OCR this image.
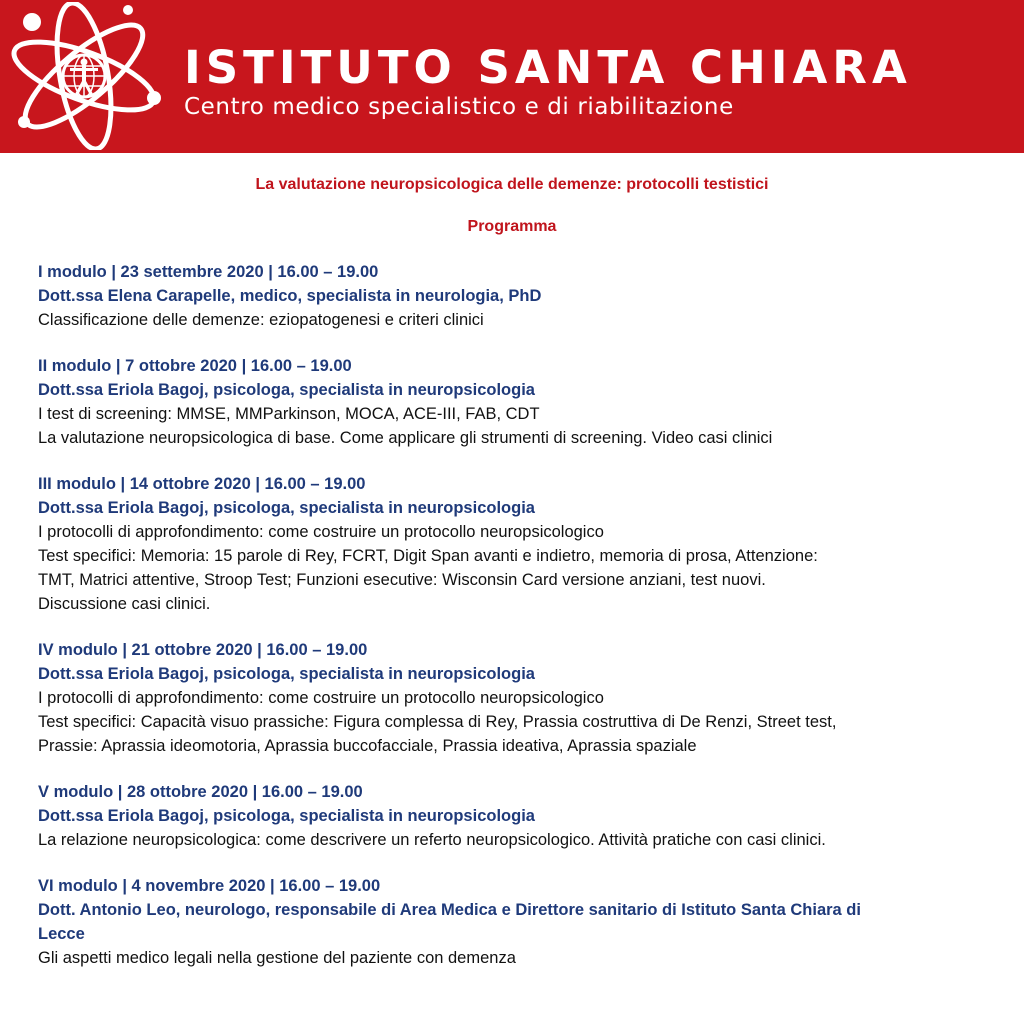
ISTITUTO SANTA CHIARA
Centro medico specialistico e di riabilitazione
La valutazione neuropsicologica delle demenze: protocolli testistici
Programma
I modulo | 23 settembre 2020 | 16.00 – 19.00
Dott.ssa Elena Carapelle, medico, specialista in neurologia, PhD
Classificazione delle demenze: eziopatogenesi e criteri clinici
II modulo | 7 ottobre 2020 | 16.00 – 19.00
Dott.ssa Eriola Bagoj, psicologa, specialista in neuropsicologia
I test di screening: MMSE, MMParkinson, MOCA, ACE-III, FAB, CDT
La valutazione neuropsicologica di base. Come applicare gli strumenti di screening. Video casi clinici
III modulo | 14 ottobre 2020 | 16.00 – 19.00
Dott.ssa Eriola Bagoj, psicologa, specialista in neuropsicologia
I protocolli di approfondimento: come costruire un protocollo neuropsicologico
Test specifici: Memoria: 15 parole di Rey, FCRT, Digit Span avanti e indietro, memoria di prosa, Attenzione:
TMT, Matrici attentive, Stroop Test; Funzioni esecutive: Wisconsin Card versione anziani, test nuovi.
Discussione casi clinici.
IV modulo | 21 ottobre 2020 | 16.00 – 19.00
Dott.ssa Eriola Bagoj, psicologa, specialista in neuropsicologia
I protocolli di approfondimento: come costruire un protocollo neuropsicologico
Test specifici: Capacità visuo prassiche: Figura complessa di Rey, Prassia costruttiva di De Renzi, Street test,
Prassie: Aprassia ideomotoria, Aprassia buccofacciale, Prassia ideativa, Aprassia spaziale
V modulo | 28 ottobre 2020 | 16.00 – 19.00
Dott.ssa Eriola Bagoj, psicologa, specialista in neuropsicologia
La relazione neuropsicologica: come descrivere un referto neuropsicologico. Attività pratiche con casi clinici.
VI modulo | 4 novembre 2020 | 16.00 – 19.00
Dott. Antonio Leo, neurologo, responsabile di Area Medica e Direttore sanitario di Istituto Santa Chiara di
Lecce
Gli aspetti medico legali nella gestione del paziente con demenza
